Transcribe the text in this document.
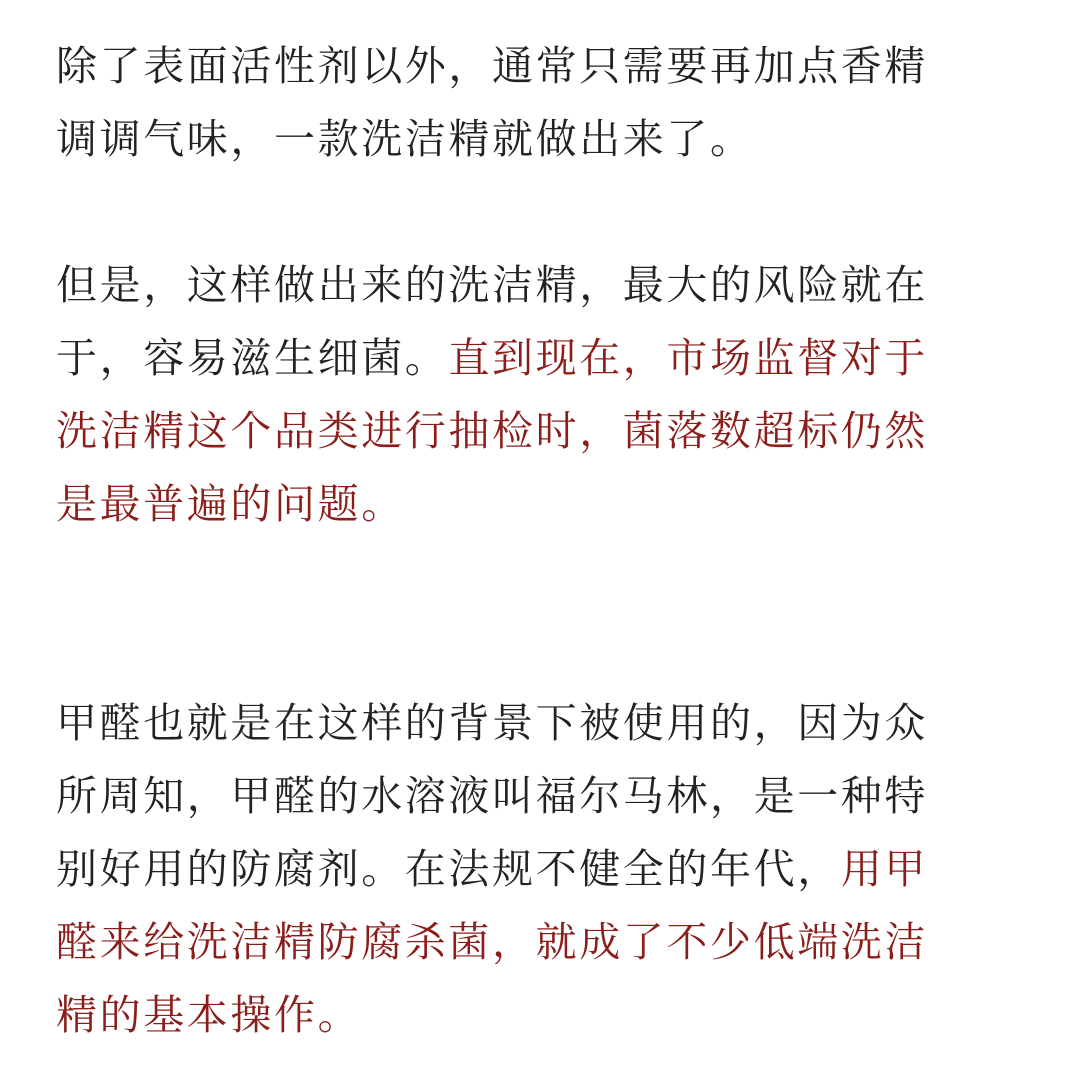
除了表面活性剂以外，通常只需要再加点香精
调调气味，一款洗洁精就做出来了。

但是，这样做出来的洗洁精，最大的风险就在
于，容易滋生细菌。直到现在，市场监督对于
洗洁精这个品类进行抽检时，菌落数超标仍然
是最普遍的问题。

甲醛也就是在这样的背景下被使用的，因为众
所周知，甲醛的水溶液叫福尔马林，是一种特
别好用的防腐剂。在法规不健全的年代，用甲
醛来给洗洁精防腐杀菌，就成了不少低端洗洁
精的基本操作。
